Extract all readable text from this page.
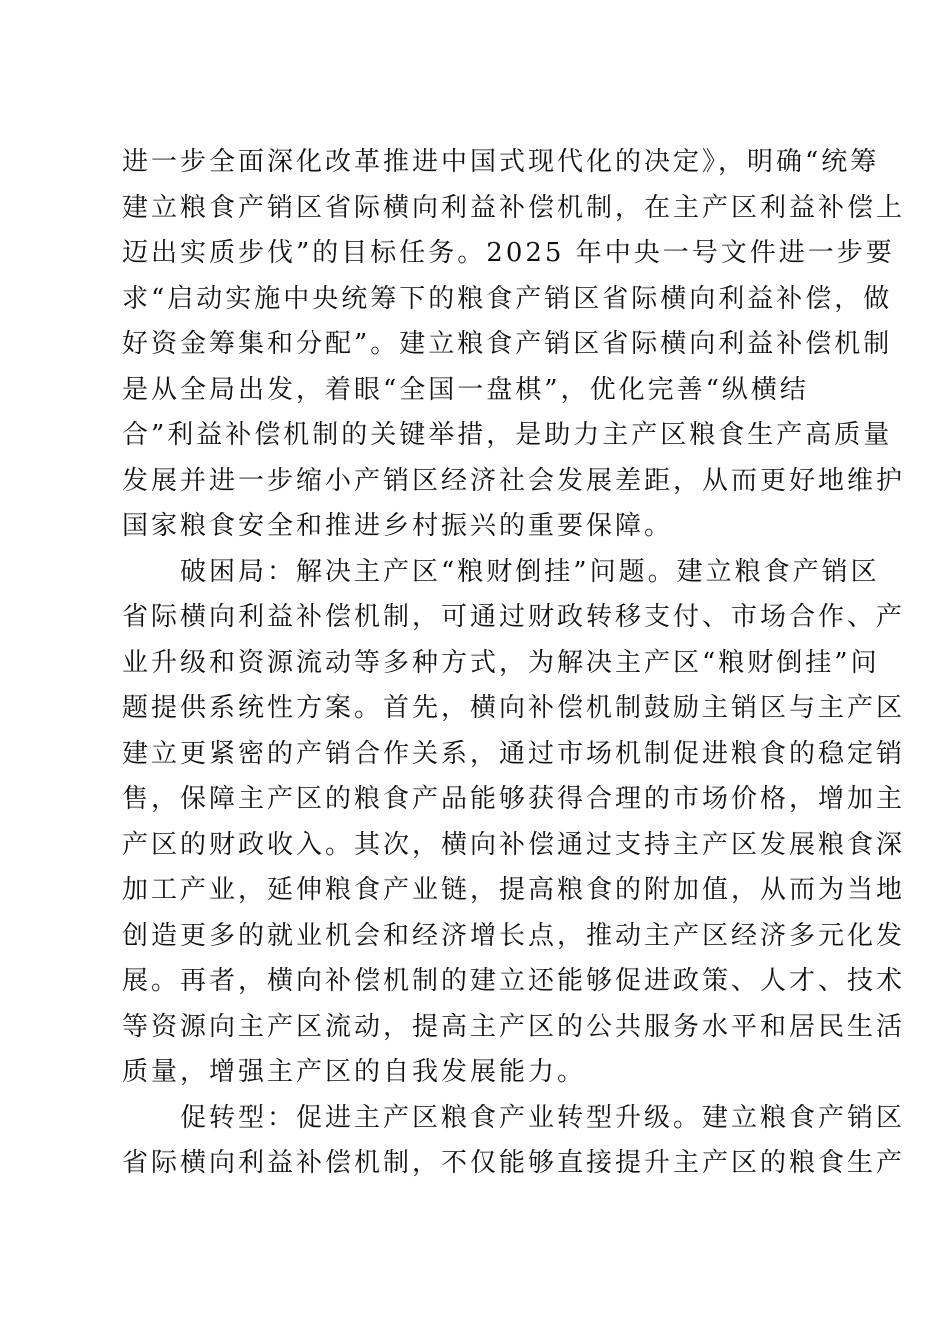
进一步全面深化改革推进中国式现代化的决定》，明确“统筹
建立粮食产销区省际横向利益补偿机制，在主产区利益补偿上
迈出实质步伐”的目标任务。2025 年中央一号文件进一步要
求“启动实施中央统筹下的粮食产销区省际横向利益补偿，做
好资金筹集和分配”。建立粮食产销区省际横向利益补偿机制
是从全局出发，着眼“全国一盘棋”，优化完善“纵横结
合”利益补偿机制的关键举措，是助力主产区粮食生产高质量
发展并进一步缩小产销区经济社会发展差距，从而更好地维护
国家粮食安全和推进乡村振兴的重要保障。
　　破困局：解决主产区“粮财倒挂”问题。建立粮食产销区
省际横向利益补偿机制，可通过财政转移支付、市场合作、产
业升级和资源流动等多种方式，为解决主产区“粮财倒挂”问
题提供系统性方案。首先，横向补偿机制鼓励主销区与主产区
建立更紧密的产销合作关系，通过市场机制促进粮食的稳定销
售，保障主产区的粮食产品能够获得合理的市场价格，增加主
产区的财政收入。其次，横向补偿通过支持主产区发展粮食深
加工产业，延伸粮食产业链，提高粮食的附加值，从而为当地
创造更多的就业机会和经济增长点，推动主产区经济多元化发
展。再者，横向补偿机制的建立还能够促进政策、人才、技术
等资源向主产区流动，提高主产区的公共服务水平和居民生活
质量，增强主产区的自我发展能力。
　　促转型：促进主产区粮食产业转型升级。建立粮食产销区
省际横向利益补偿机制，不仅能够直接提升主产区的粮食生产
